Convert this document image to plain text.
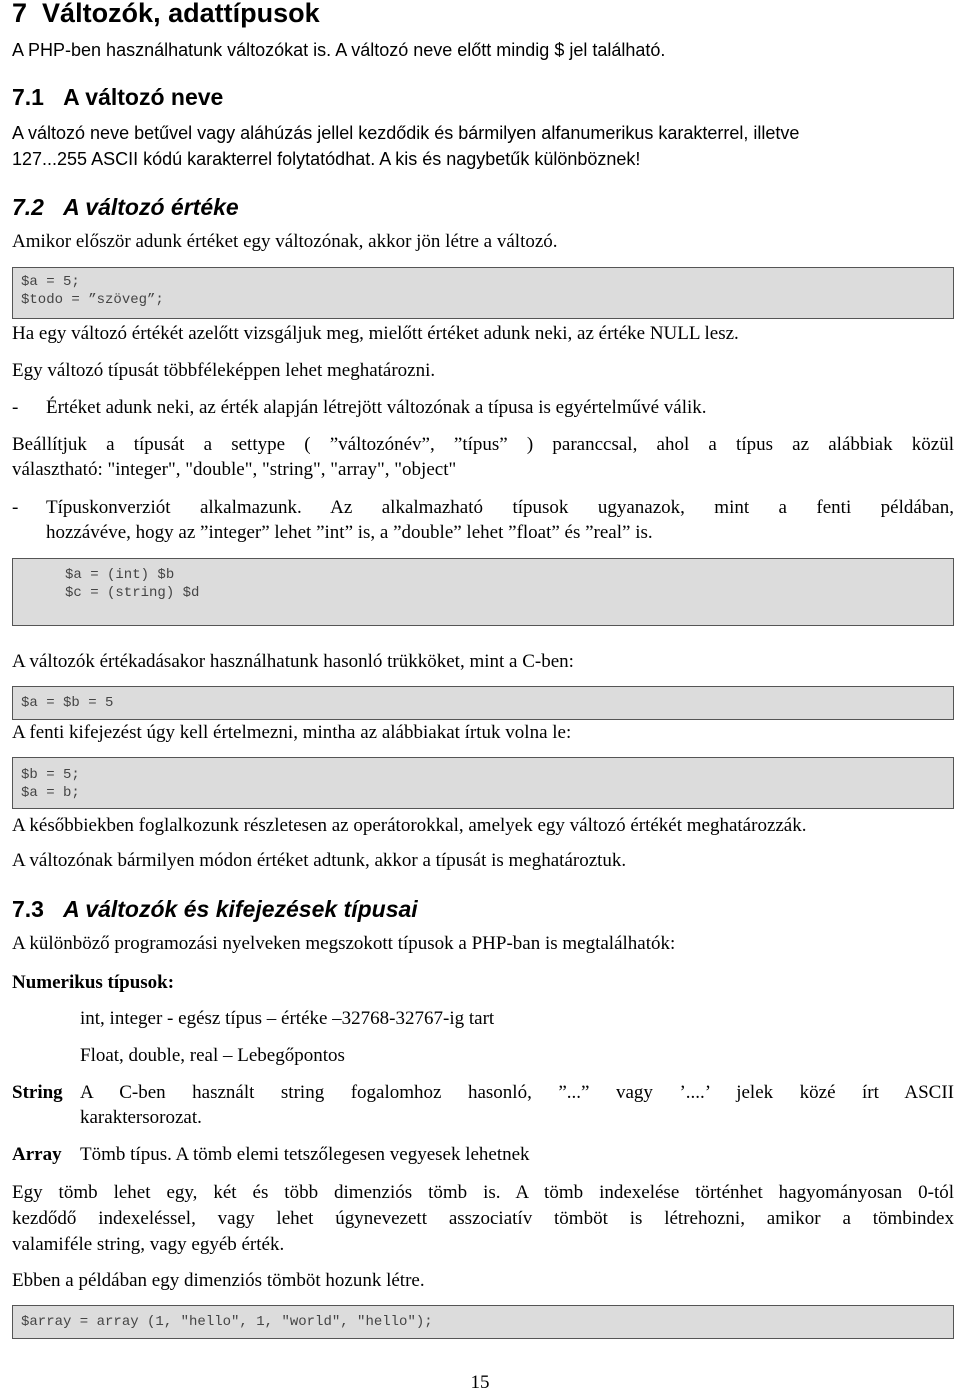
7 Változók, adattípusok
A PHP-ben használhatunk változókat is. A változó neve előtt mindig $ jel található.
7.1 A változó neve
A változó neve betűvel vagy aláhúzás jellel kezdődik és bármilyen alfanumerikus karakterrel, illetve
127...255 ASCII kódú karakterrel folytatódhat. A kis és nagybetűk különböznek!
7.2 A változó értéke
Amikor először adunk értéket egy változónak, akkor jön létre a változó.
$a = 5;
$todo = ”szöveg”;
Ha egy változó értékét azelőtt vizsgáljuk meg, mielőtt értéket adunk neki, az értéke NULL lesz.
Egy változó típusát többféleképpen lehet meghatározni.
- Értéket adunk neki, az érték alapján létrejött változónak a típusa is egyértelművé válik.
Beállítjuk a típusát a settype ( ”változónév”, ”típus” ) paranccsal, ahol a típus az alábbiak közül
választható: "integer", "double", "string", "array", "object"
- Típuskonverziót alkalmazunk. Az alkalmazható típusok ugyanazok, mint a fenti példában,
hozzávéve, hogy az ”integer” lehet ”int” is, a ”double” lehet ”float” és ”real” is.
$a = (int) $b
$c = (string) $d
A változók értékadásakor használhatunk hasonló trükköket, mint a C-ben:
$a = $b = 5
A fenti kifejezést úgy kell értelmezni, mintha az alábbiakat írtuk volna le:
$b = 5;
$a = b;
A későbbiekben foglalkozunk részletesen az operátorokkal, amelyek egy változó értékét meghatározzák.
A változónak bármilyen módon értéket adtunk, akkor a típusát is meghatároztuk.
7.3 A változók és kifejezések típusai
A különböző programozási nyelveken megszokott típusok a PHP-ban is megtalálhatók:
Numerikus típusok:
int, integer - egész típus – értéke –32768-32767-ig tart
Float, double, real – Lebegőpontos
String A C-ben használt string fogalomhoz hasonló, ”...” vagy ’....’ jelek közé írt ASCII
karaktersorozat.
Array Tömb típus. A tömb elemi tetszőlegesen vegyesek lehetnek
Egy tömb lehet egy, két és több dimenziós tömb is. A tömb indexelése történhet hagyományosan 0-tól
kezdődő indexeléssel, vagy lehet úgynevezett asszociatív tömböt is létrehozni, amikor a tömbindex
valamiféle string, vagy egyéb érték.
Ebben a példában egy dimenziós tömböt hozunk létre.
$array = array (1, "hello", 1, "world", "hello");
15
